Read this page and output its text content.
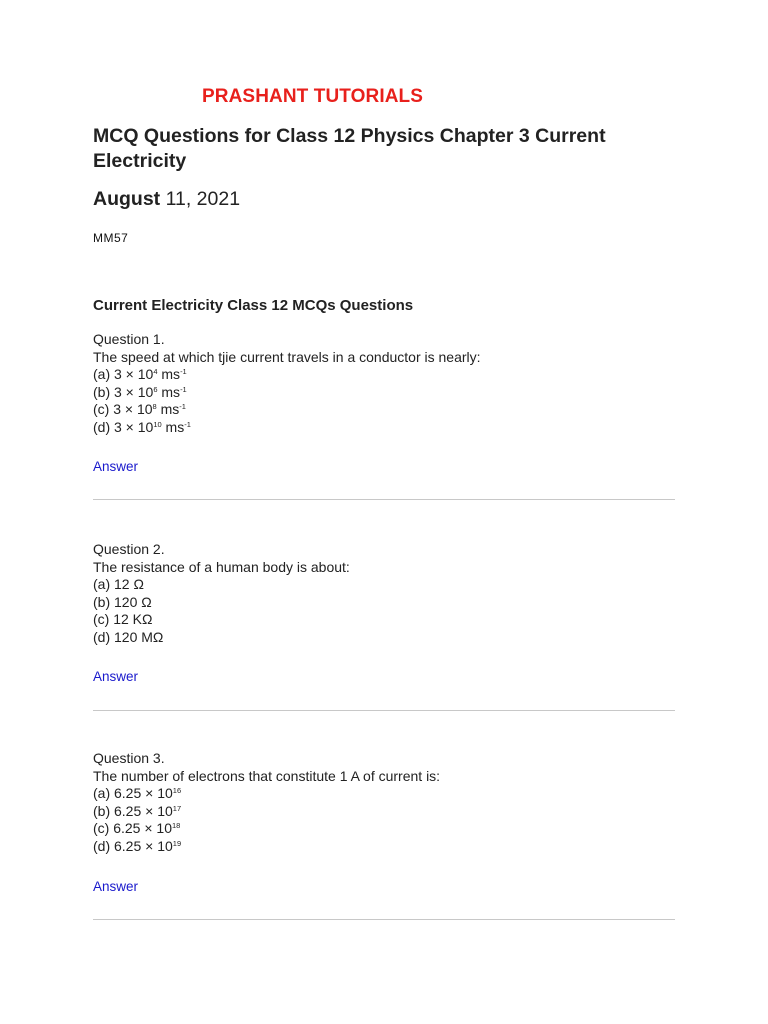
PRASHANT TUTORIALS
MCQ Questions for Class 12 Physics Chapter 3 Current Electricity
August 11, 2021
MM57
Current Electricity Class 12 MCQs Questions
Question 1.
The speed at which tjie current travels in a conductor is nearly:
(a) $3 \times 10^4$ $ms^{-1}$
(b) $3 \times 10^6$ $ms^{-1}$
(c) $3 \times 10^8$ $ms^{-1}$
(d) $3 \times 10^{10}$ $ms^{-1}$
Answer
Question 2.
The resistance of a human body is about:
(a) 12 Ω
(b) 120 Ω
(c) 12 KΩ
(d) 120 MΩ
Answer
Question 3.
The number of electrons that constitute 1 A of current is:
(a) $6.25 \times 10^{16}$
(b) $6.25 \times 10^{17}$
(c) $6.25 \times 10^{18}$
(d) $6.25 \times 10^{19}$
Answer
